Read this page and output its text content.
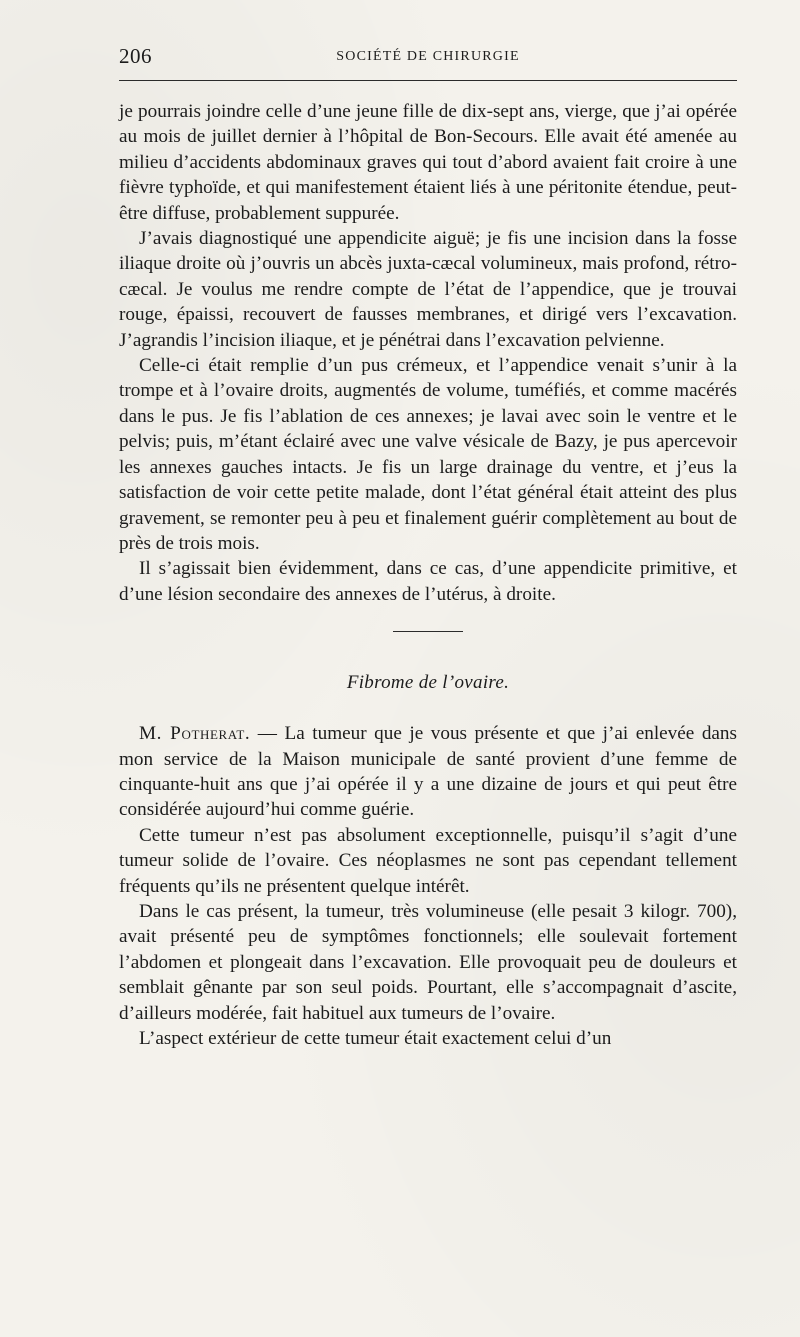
206	SOCIÉTÉ DE CHIRURGIE

je pourrais joindre celle d’une jeune fille de dix-sept ans, vierge, que j’ai opérée au mois de juillet dernier à l’hôpital de Bon-Secours. Elle avait été amenée au milieu d’accidents abdominaux graves qui tout d’abord avaient fait croire à une fièvre typhoïde, et qui manifestement étaient liés à une péritonite étendue, peut-être diffuse, probablement suppurée.

J’avais diagnostiqué une appendicite aiguë; je fis une incision dans la fosse iliaque droite où j’ouvris un abcès juxta-cæcal volumineux, mais profond, rétro-cæcal. Je voulus me rendre compte de l’état de l’appendice, que je trouvai rouge, épaissi, recouvert de fausses membranes, et dirigé vers l’excavation. J’agrandis l’incision iliaque, et je pénétrai dans l’excavation pelvienne.

Celle-ci était remplie d’un pus crémeux, et l’appendice venait s’unir à la trompe et à l’ovaire droits, augmentés de volume, tuméfiés, et comme macérés dans le pus. Je fis l’ablation de ces annexes; je lavai avec soin le ventre et le pelvis; puis, m’étant éclairé avec une valve vésicale de Bazy, je pus apercevoir les annexes gauches intacts. Je fis un large drainage du ventre, et j’eus la satisfaction de voir cette petite malade, dont l’état général était atteint des plus gravement, se remonter peu à peu et finalement guérir complètement au bout de près de trois mois.

Il s’agissait bien évidemment, dans ce cas, d’une appendicite primitive, et d’une lésion secondaire des annexes de l’utérus, à droite.

Fibrome de l’ovaire.

M. Potherat. — La tumeur que je vous présente et que j’ai enlevée dans mon service de la Maison municipale de santé provient d’une femme de cinquante-huit ans que j’ai opérée il y a une dizaine de jours et qui peut être considérée aujourd’hui comme guérie.

Cette tumeur n’est pas absolument exceptionnelle, puisqu’il s’agit d’une tumeur solide de l’ovaire. Ces néoplasmes ne sont pas cependant tellement fréquents qu’ils ne présentent quelque intérêt.

Dans le cas présent, la tumeur, très volumineuse (elle pesait 3 kilogr. 700), avait présenté peu de symptômes fonctionnels; elle soulevait fortement l’abdomen et plongeait dans l’excavation. Elle provoquait peu de douleurs et semblait gênante par son seul poids. Pourtant, elle s’accompagnait d’ascite, d’ailleurs modérée, fait habituel aux tumeurs de l’ovaire.

L’aspect extérieur de cette tumeur était exactement celui d’un
